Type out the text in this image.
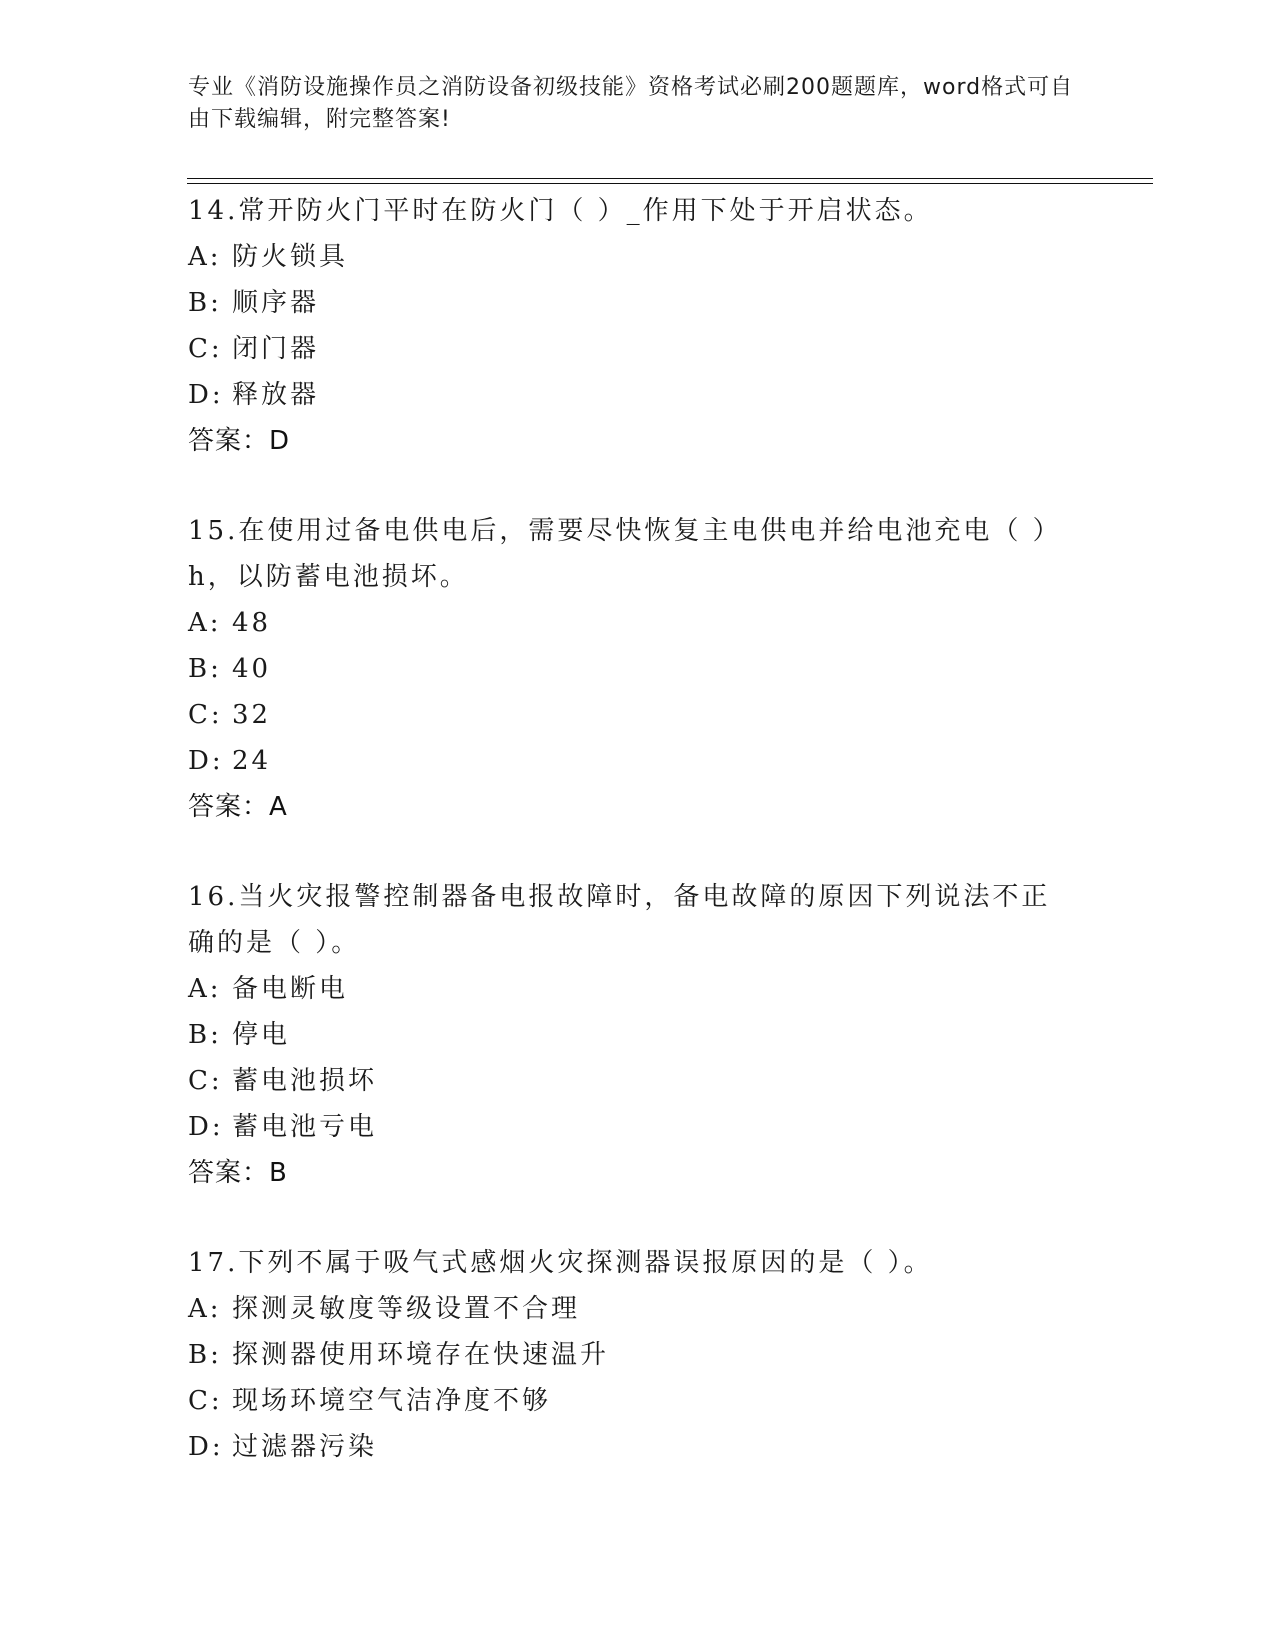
专业《消防设施操作员之消防设备初级技能》资格考试必刷200题题库，word格式可自由下载编辑，附完整答案!
14.常开防火门平时在防火门（ ）_作用下处于开启状态。
A: 防火锁具
B: 顺序器
C: 闭门器
D: 释放器
答案：D
15.在使用过备电供电后，需要尽快恢复主电供电并给电池充电（ ）h，以防蓄电池损坏。
A: 48
B: 40
C: 32
D: 24
答案：A
16.当火灾报警控制器备电报故障时，备电故障的原因下列说法不正确的是（ ）。
A: 备电断电
B: 停电
C: 蓄电池损坏
D: 蓄电池亏电
答案：B
17.下列不属于吸气式感烟火灾探测器误报原因的是（ ）。
A: 探测灵敏度等级设置不合理
B: 探测器使用环境存在快速温升
C: 现场环境空气洁净度不够
D: 过滤器污染
